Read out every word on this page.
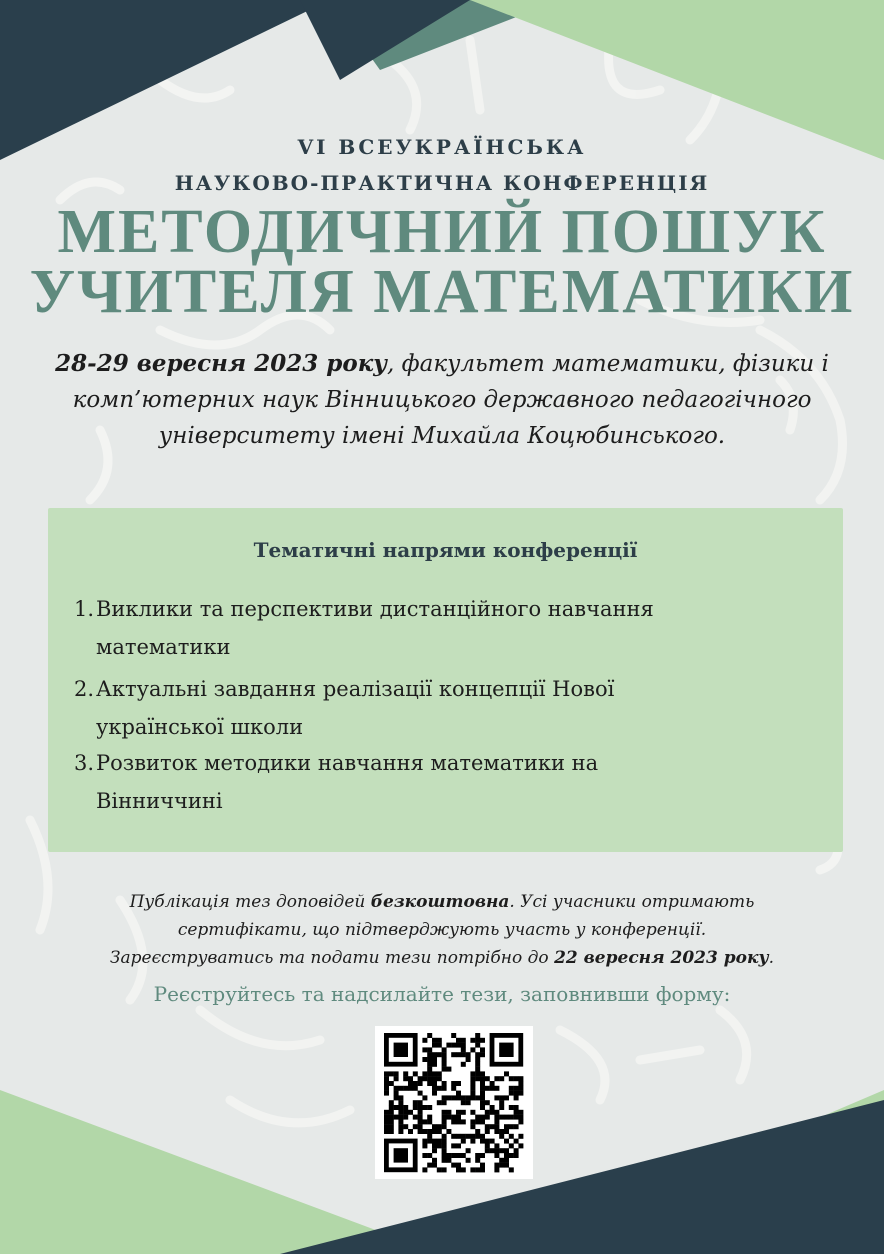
VI ВСЕУКРАЇНСЬКА
НАУКОВО-ПРАКТИЧНА КОНФЕРЕНЦІЯ
МЕТОДИЧНИЙ ПОШУК
УЧИТЕЛЯ МАТЕМАТИКИ
28-29 вересня 2023 року, факультет математики, фізики і комп’ютерних наук Вінницького державного педагогічного університету імені Михайла Коцюбинського.
Тематичні напрями конференції
1. Виклики та перспективи дистанційного навчання
математики
2. Актуальні завдання реалізації концепції Нової
української школи
3. Розвиток методики навчання математики на
Вінниччині
Публікація тез доповідей безкоштовна. Усі учасники отримають
сертифікати, що підтверджують участь у конференції.
Зареєструватись та подати тези потрібно до 22 вересня 2023 року.
Реєструйтесь та надсилайте тези, заповнивши форму:
